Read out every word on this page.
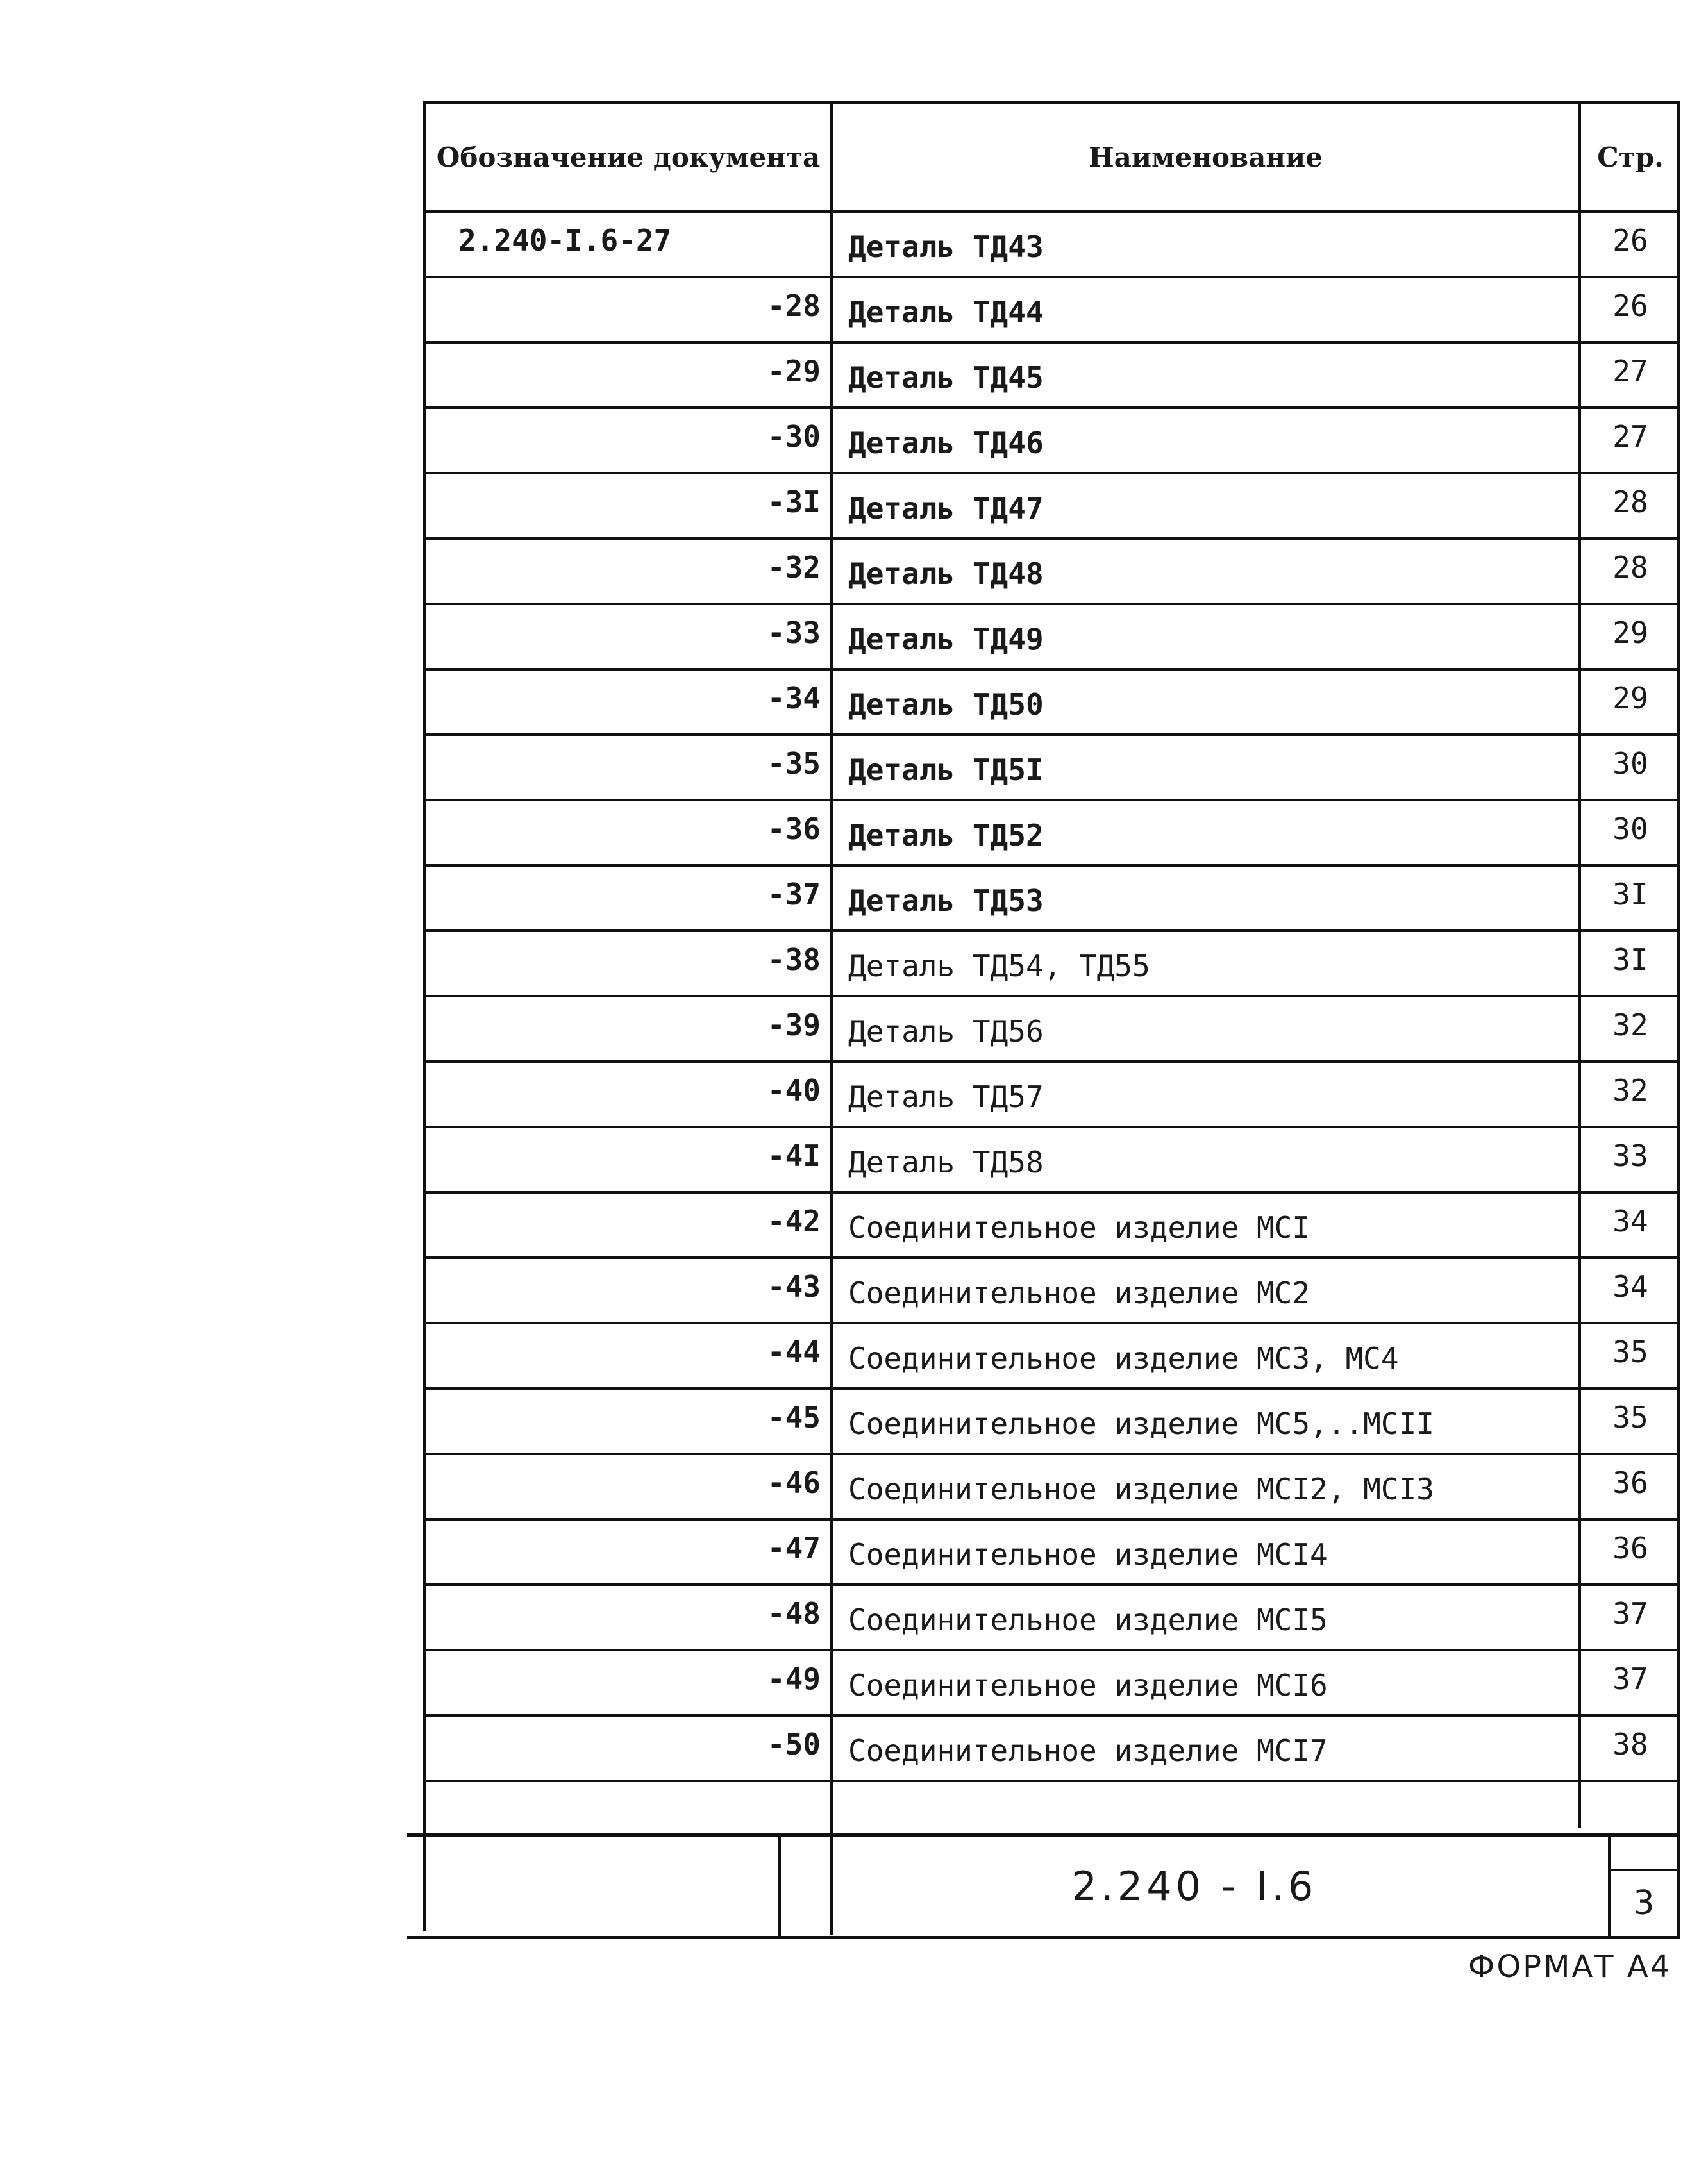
Обозначение документа	Наименование	Стр.
2.240-I.6-27	Деталь ТД43	26
-28 Деталь ТД44	26
-29 Деталь ТД45	27
-30 Деталь ТД46	27
-3I Деталь ТД47	28
-32 Деталь ТД48	28
-33 Деталь ТД49	29
-34 Деталь ТД50	29
-35 Деталь ТД5I	30
-36 Деталь ТД52	30
-37 Деталь ТД53	3I
-38 Деталь ТД54, ТД55	3I
-39 Деталь ТД56	32
-40 Деталь ТД57	32
-4I Деталь ТД58	33
-42 Соединительное изделие МСI	34
-43 Соединительное изделие МС2	34
-44 Соединительное изделие МС3, МС4	35
-45 Соединительное изделие МС5,..МСII	35
-46 Соединительное изделие МСI2, МСI3	36
-47 Соединительное изделие МСI4	36
-48 Соединительное изделие МСI5	37
-49 Соединительное изделие МСI6	37
-50 Соединительное изделие МСI7	38
2.240 - I.6	3
ФОРМАТ А4
